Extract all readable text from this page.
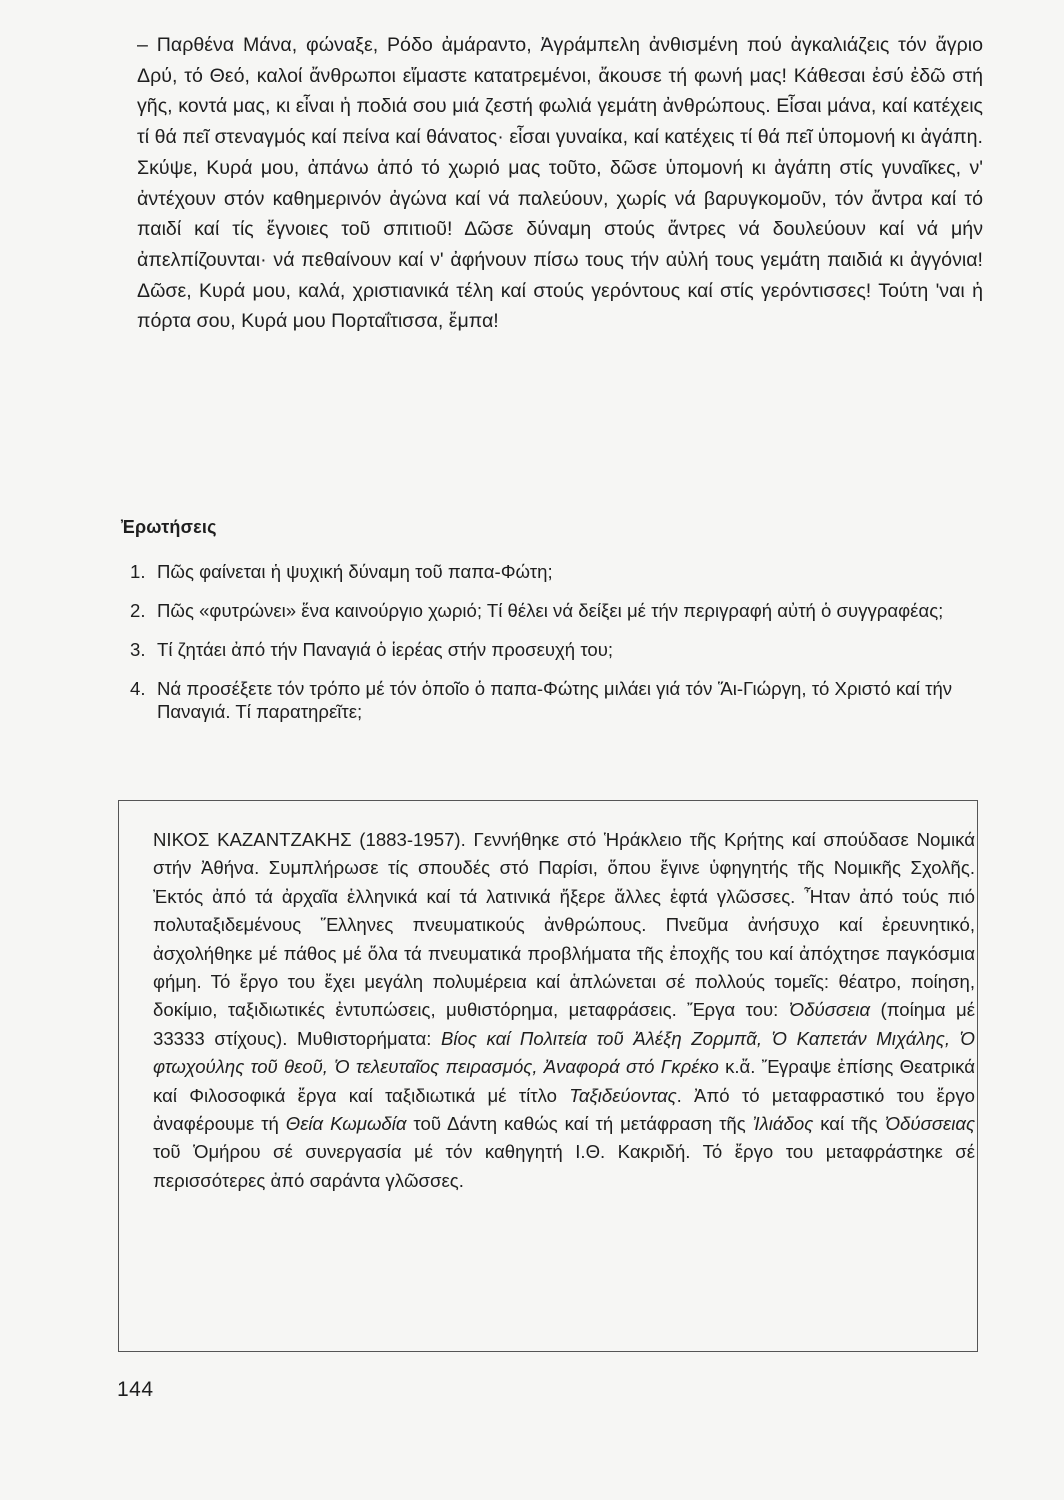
– Παρθένα Μάνα, φώναξε, Ρόδο ἀμάραντο, Ἀγράμπελη ἀνθισμένη πού ἀγκαλιάζεις τόν ἄγριο Δρύ, τό Θεό, καλοί ἄνθρωποι εἴμαστε κατατρεμένοι, ἄκουσε τή φωνή μας! Κάθεσαι ἐσύ ἐδῶ στή γῆς, κοντά μας, κι εἶναι ἡ ποδιά σου μιά ζεστή φωλιά γεμάτη ἀνθρώπους. Εἶσαι μάνα, καί κατέχεις τί θά πεῖ στεναγμός καί πείνα καί θάνατος· εἶσαι γυναίκα, καί κατέχεις τί θά πεῖ ὑπομονή κι ἀγάπη. Σκύψε, Κυρά μου, ἀπάνω ἀπό τό χωριό μας τοῦτο, δῶσε ὑπομονή κι ἀγάπη στίς γυναῖκες, ν' ἀντέχουν στόν καθημερινόν ἀγώνα καί νά παλεύουν, χωρίς νά βαρυγκομοῦν, τόν ἄντρα καί τό παιδί καί τίς ἔγνοιες τοῦ σπιτιοῦ! Δῶσε δύναμη στούς ἄντρες νά δουλεύουν καί νά μήν ἀπελπίζουνται· νά πεθαίνουν καί ν' ἀφήνουν πίσω τους τήν αὐλή τους γεμάτη παιδιά κι ἀγγόνια! Δῶσε, Κυρά μου, καλά, χριστιανικά τέλη καί στούς γερόντους καί στίς γερόντισσες! Τούτη 'ναι ἡ πόρτα σου, Κυρά μου Πορταΐτισσα, ἔμπα!

Ἐρωτήσεις
1. Πῶς φαίνεται ἡ ψυχική δύναμη τοῦ παπα-Φώτη;
2. Πῶς «φυτρώνει» ἕνα καινούργιο χωριό; Τί θέλει νά δείξει μέ τήν περιγραφή αὐτή ὁ συγγραφέας;
3. Τί ζητάει ἀπό τήν Παναγιά ὁ ἱερέας στήν προσευχή του;
4. Νά προσέξετε τόν τρόπο μέ τόν ὁποῖο ὁ παπα-Φώτης μιλάει γιά τόν Ἅι-Γιώργη, τό Χριστό καί τήν Παναγιά. Τί παρατηρεῖτε;

ΝΙΚΟΣ ΚΑΖΑΝΤΖΑΚΗΣ (1883-1957). Γεννήθηκε στό Ἡράκλειο τῆς Κρήτης καί σπούδασε Νομικά στήν Ἀθήνα. Συμπλήρωσε τίς σπουδές στό Παρίσι, ὅπου ἔγινε ὑφηγητής τῆς Νομικῆς Σχολῆς. Ἐκτός ἀπό τά ἀρχαῖα ἑλληνικά καί τά λατινικά ἤξερε ἄλλες ἑφτά γλῶσσες. Ἦταν ἀπό τούς πιό πολυταξιδεμένους Ἕλληνες πνευματικούς ἀνθρώπους. Πνεῦμα ἀνήσυχο καί ἐρευνητικό, ἀσχολήθηκε μέ πάθος μέ ὅλα τά πνευματικά προβλήματα τῆς ἐποχῆς του καί ἀπόχτησε παγκόσμια φήμη. Τό ἔργο του ἔχει μεγάλη πολυμέρεια καί ἁπλώνεται σέ πολλούς τομεῖς: θέατρο, ποίηση, δοκίμιο, ταξιδιωτικές ἐντυπώσεις, μυθιστόρημα, μεταφράσεις. Ἔργα του: Ὀδύσσεια (ποίημα μέ 33333 στίχους). Μυθιστορήματα: Βίος καί Πολιτεία τοῦ Ἀλέξη Ζορμπᾶ, Ὁ Καπετάν Μιχάλης, Ὁ φτωχούλης τοῦ θεοῦ, Ὁ τελευταῖος πειρασμός, Ἀναφορά στό Γκρέκο κ.ἄ. Ἔγραψε ἐπίσης Θεατρικά καί Φιλοσοφικά ἔργα καί ταξιδιωτικά μέ τίτλο Ταξιδεύοντας. Ἀπό τό μεταφραστικό του ἔργο ἀναφέρουμε τή Θεία Κωμωδία τοῦ Δάντη καθώς καί τή μετάφραση τῆς Ἰλιάδος καί τῆς Ὀδύσσειας τοῦ Ὁμήρου σέ συνεργασία μέ τόν καθηγητή Ι.Θ. Κακριδή. Τό ἔργο του μεταφράστηκε σέ περισσότερες ἀπό σαράντα γλῶσσες.

144
